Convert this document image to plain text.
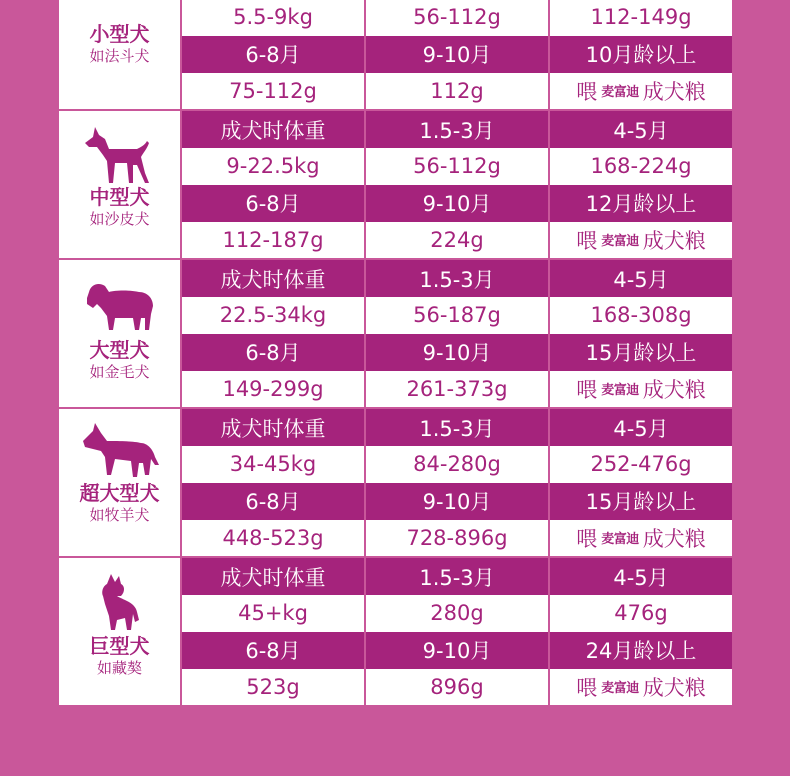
小型犬
如法斗犬
5.5-9kg	56-112g	112-149g
6-8月	9-10月	10月龄以上
75-112g	112g	喂 麦富迪 成犬粮
中型犬
如沙皮犬
成犬时体重	1.5-3月	4-5月
9-22.5kg	56-112g	168-224g
6-8月	9-10月	12月龄以上
112-187g	224g	喂 麦富迪 成犬粮
大型犬
如金毛犬
成犬时体重	1.5-3月	4-5月
22.5-34kg	56-187g	168-308g
6-8月	9-10月	15月龄以上
149-299g	261-373g	喂 麦富迪 成犬粮
超大型犬
如牧羊犬
成犬时体重	1.5-3月	4-5月
34-45kg	84-280g	252-476g
6-8月	9-10月	15月龄以上
448-523g	728-896g	喂 麦富迪 成犬粮
巨型犬
如藏獒
成犬时体重	1.5-3月	4-5月
45+kg	280g	476g
6-8月	9-10月	24月龄以上
523g	896g	喂 麦富迪 成犬粮
